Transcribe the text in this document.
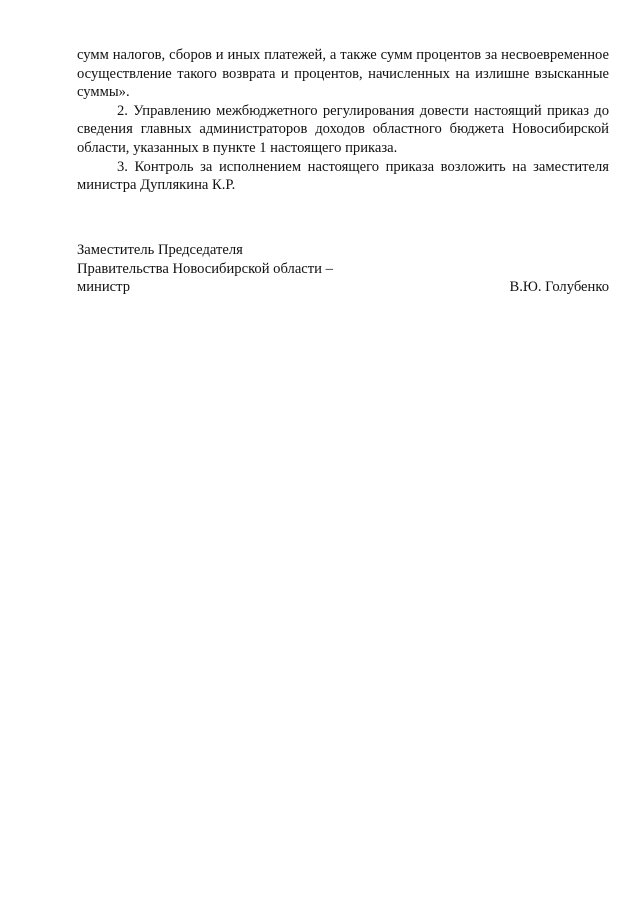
сумм налогов, сборов и иных платежей, а также сумм процентов за несвоевременное осуществление такого возврата и процентов, начисленных на излишне взысканные суммы».

2. Управлению межбюджетного регулирования довести настоящий приказ до сведения главных администраторов доходов областного бюджета Новосибирской области, указанных в пункте 1 настоящего приказа.

3. Контроль за исполнением настоящего приказа возложить на заместителя министра Дуплякина К.Р.

Заместитель Председателя

Правительства Новосибирской области –

министр	В.Ю. Голубенко
